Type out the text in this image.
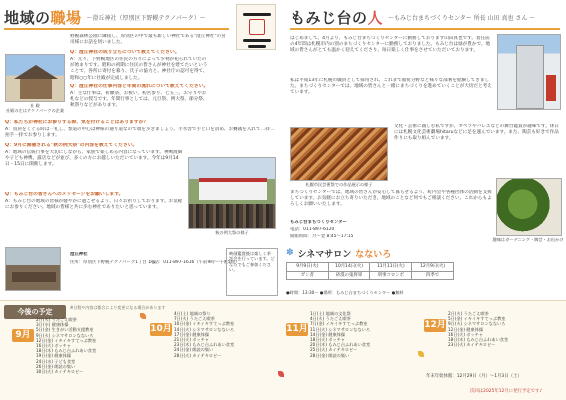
地域の職場 ～澄丘神社（厚別区下野幌テクノパーク）～
野幌森林公園に隣接し、厚別区の中で最も新しい神社である"澄丘神社"の宮司様にお話を伺いました。
社 殿
社殿の左はテクノパークの企業
Q：澄丘神社の成り立ちについて教えてください。
A：元々、下野幌地区の住民の方々によって少祠が祀られていたのが始まりです。昭和の初期に住民の皆さんが神社を建てたいということで、各所に寄付を募り、氏子の協力と、神社庁の認可を得て、昭和○○年に社殿が完成しました。
Q：澄丘神社の仕事内容と年間の流れについて教えてください。
A：主な仕事は、祈願祭、お祓い、初宮参り、七五三、お守りやお札などの授与です。年間行事としては、元旦祭、例大祭、節分祭、秋祭りなどがあります。
Q：私たちが神社にお参りする際、気を付けることはありますか？
A：鳥居をくぐる時は一礼し、参道の中心は神様の通り道なので端を歩きましょう。手水舎で手と口を清め、お賽銭を入れて二拝二拍手一拝でお参りします。
Q：9月に開催される"秋の例大祭"の内容を教えてください。
A：地域の伝統行事を大切にしながら、家族で楽しめる内容になっています。神輿渡御や子ども神輿、露店などが並び、多くの方にお越しいただいています。今年は9月14日・15日に開催します。
秋の例大祭の様子
Q：もみじ台の皆さんへのメッセージをお願いします。
A：もみじ台の地域の皆様が健やかに過ごせるよう、日々お祈りしております。お気軽にお参りください。地域の皆様と共に歩む神社でありたいと思っています。
澄丘神社
住所：厚別区下野幌テクノパーク1丁目 1-1
電話：011-897-1616（午前9時～午後5時）
もみじ台の人 ～もみじ台まちづくりセンター 所長 山田 真也 さん ～
はじめまして。4月より、もみじ台まちづくりセンターに勤務しております山田真也です。着任前の4年間は札幌市内の別のまちづくりセンターに勤務しておりました。もみじ台は緑が豊かで、地域の皆さんがとても温かく迎えてくださり、毎日楽しく仕事をさせていただいております。
私は平成13年に札幌市職員として採用され、これまで福祉分野など様々な部署を経験してきました。まちづくりセンターでは、地域の皆さんと一緒にまちづくりを進めていくことが大切だと考えています。
札幌市民芸術祭での作品展示の様子
文化・芸術に親しむ私ですが、オペラやバレエなどの舞台鑑賞が趣味です。休日には札幌文化芸術劇場hitaruなどに足を運んでいます。また、陶芸も好きで作品作りにも取り組んでいます。
まちづくりセンターでは、地域の皆さんが安心して暮らせるよう、町内会や各種団体の活動を支援しています。お気軽にお立ち寄りいただき、地域のことなど何でもご相談ください。これからもよろしくお願いいたします。
趣味はガーデニング・陶芸・お出かけ
もみじ台まちづくりセンター
電話：011-897-6120
開館時間：月～金 8:45～17:15
✽ シネマサロン なないろ
9月9日(火)	10月14日(火)	11月11日(火)	12月9日(火)
ガン者	砂漠の鬼将軍	刑事コロンボ	四季で
●時間：13:30～ ●場所：もみじ台まちづくりセンター ●無料
映画鑑賞後は楽しく茶話会を行っています。どなたでもご参加ください。
今後の予定
※日程や内容は都合により変更になる場合があります
9月
2日(火) うたごえ喫茶
3日(水) 健康体操
5日(金) 生きがい活動支援教室
9日(火) シネマサロンなないろ
12日(金) イキイキすてっぷ教室
16日(火) ボッチャ
18日(木) もみじ台ふれあい食堂
19日(金) 健康体操
24日(水) 子ども食堂
26日(金) 朗読の集い
30日(火) カイテキロビー
10月
4日(土) 地域の祭り
7日(火) うたごえ喫茶
10日(金) イキイキすてっぷ教室
14日(火) シネマサロンなないろ
17日(金) 健康体操
21日(火) ボッチャ
23日(木) もみじ台ふれあい食堂
24日(金) 朗読の集い
28日(火) カイテキロビー
11月
1日(土) 地域の文化祭
4日(火) うたごえ喫茶
7日(金) イキイキすてっぷ教室
11日(火) シネマサロンなないろ
14日(金) 健康体操
18日(火) ボッチャ
20日(木) もみじ台ふれあい食堂
25日(火) カイテキロビー
28日(金) 朗読の集い
12月
2日(火) うたごえ喫茶
5日(金) イキイキすてっぷ教室
9日(火) シネマサロンなないろ
12日(金) 健康体操
16日(火) ボッチャ
18日(木) もみじ台ふれあい食堂
23日(火) カイテキロビー
年末年始休館：12月29日（月）～1月3日（土）
次回は2025年12月に発行予定です♪
